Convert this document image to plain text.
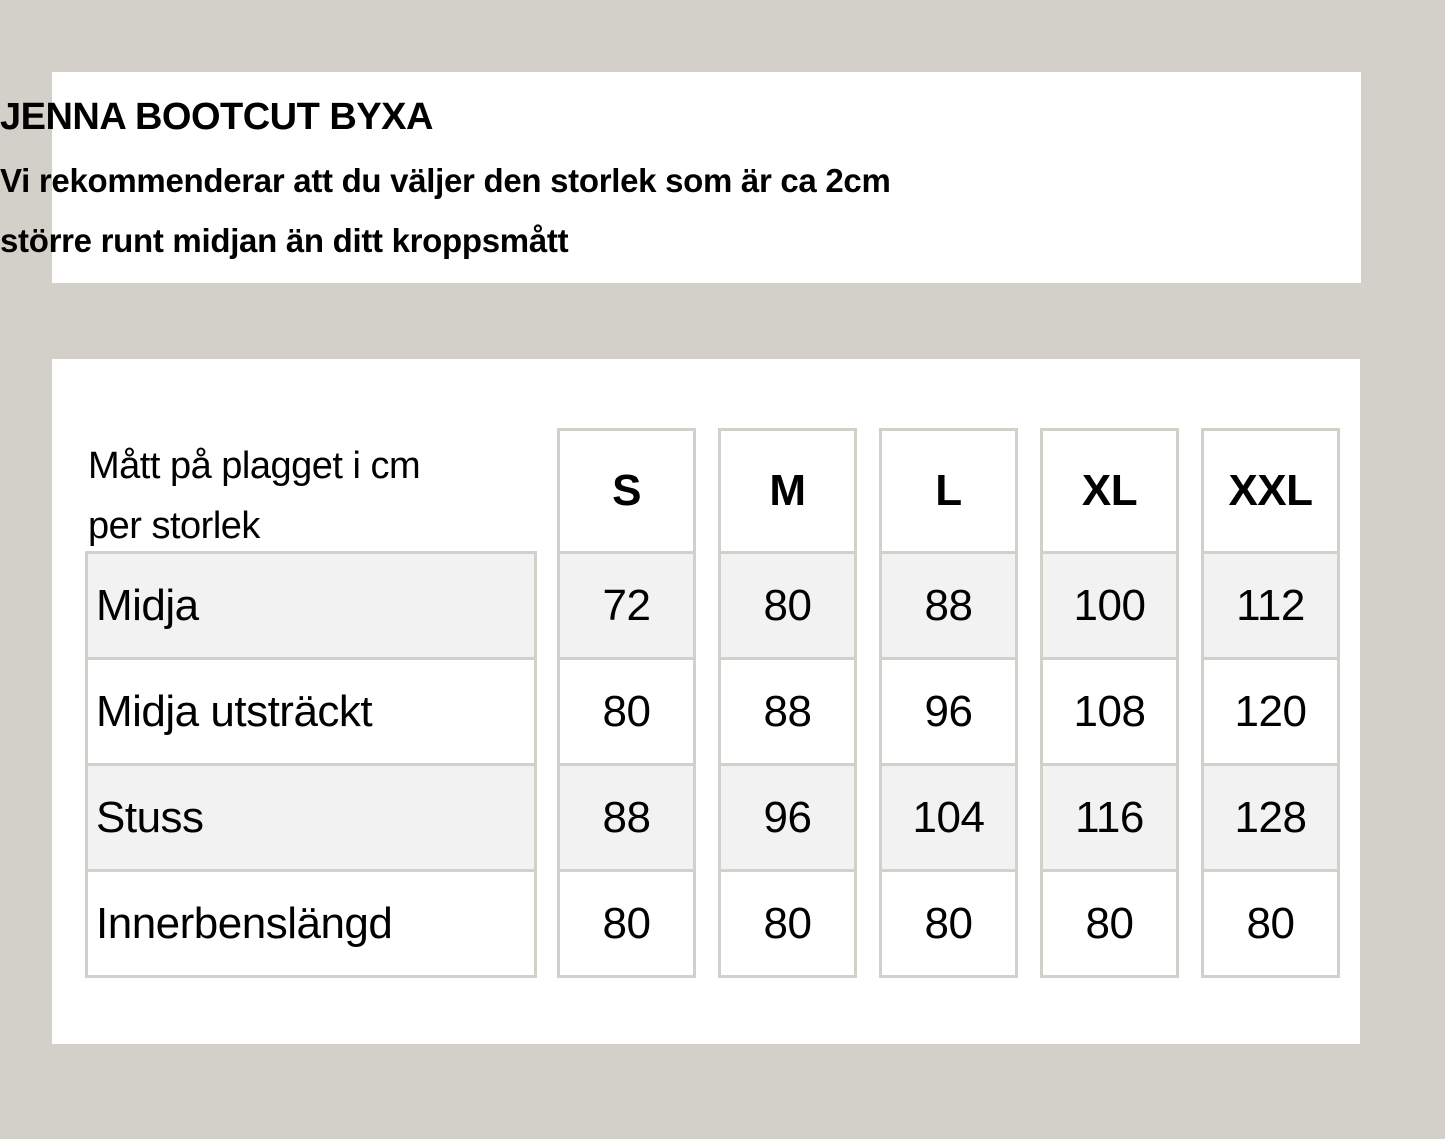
JENNA BOOTCUT BYXA
Vi rekommenderar att du väljer den storlek som är ca 2cm
större runt midjan än ditt kroppsmått
Mått på plagget i cm
per storlek
S	M	L	XL XXL
Midja	72	80	88 100 112
Midja utsträckt	80	88	96 108 120
Stuss	88	96 104 116 128
Innerbenslängd	80	80	80	80	80
